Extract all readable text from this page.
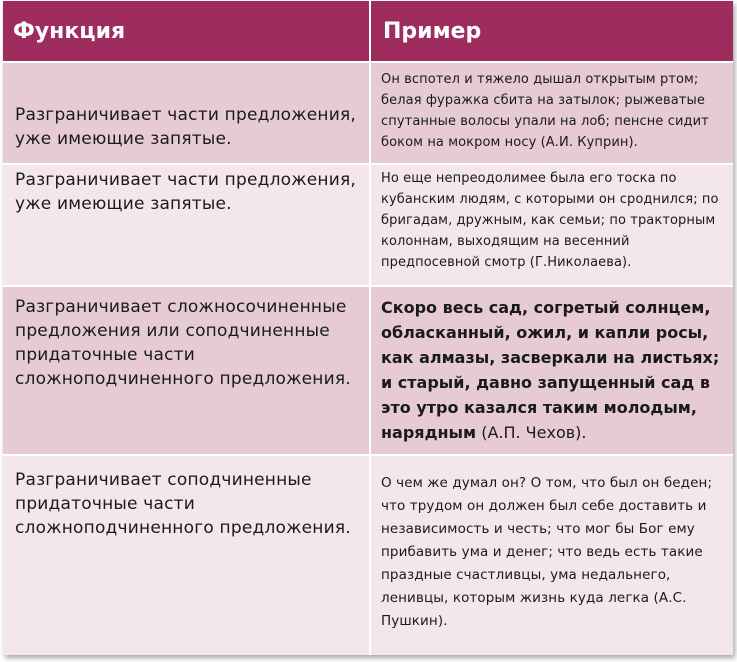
Функция	Пример
Разграничивает части предложения, уже имеющие запятые.	Он вспотел и тяжело дышал открытым ртом; белая фуражка сбита на затылок; рыжеватые спутанные волосы упали на лоб; пенсне сидит боком на мокром носу (А.И. Куприн).
Разграничивает части предложения, уже имеющие запятые.	Но еще непреодолимее была его тоска по кубанским людям, с которыми он сроднился; по бригадам, дружным, как семьи; по тракторным колоннам, выходящим на весенний предпосевной смотр (Г.Николаева).
Разграничивает сложносочиненные предложения или соподчиненные придаточные части сложноподчиненного предложения.	Скоро весь сад, согретый солнцем, обласканный, ожил, и капли росы, как алмазы, засверкали на листьях; и старый, давно запущенный сад в это утро казался таким молодым, нарядным (А.П. Чехов).
Разграничивает соподчиненные придаточные части сложноподчиненного предложения.	О чем же думал он? О том, что был он беден; что трудом он должен был себе доставить и независимость и честь; что мог бы Бог ему прибавить ума и денег; что ведь есть такие праздные счастливцы, ума недальнего, ленивцы, которым жизнь куда легка (А.С. Пушкин).
